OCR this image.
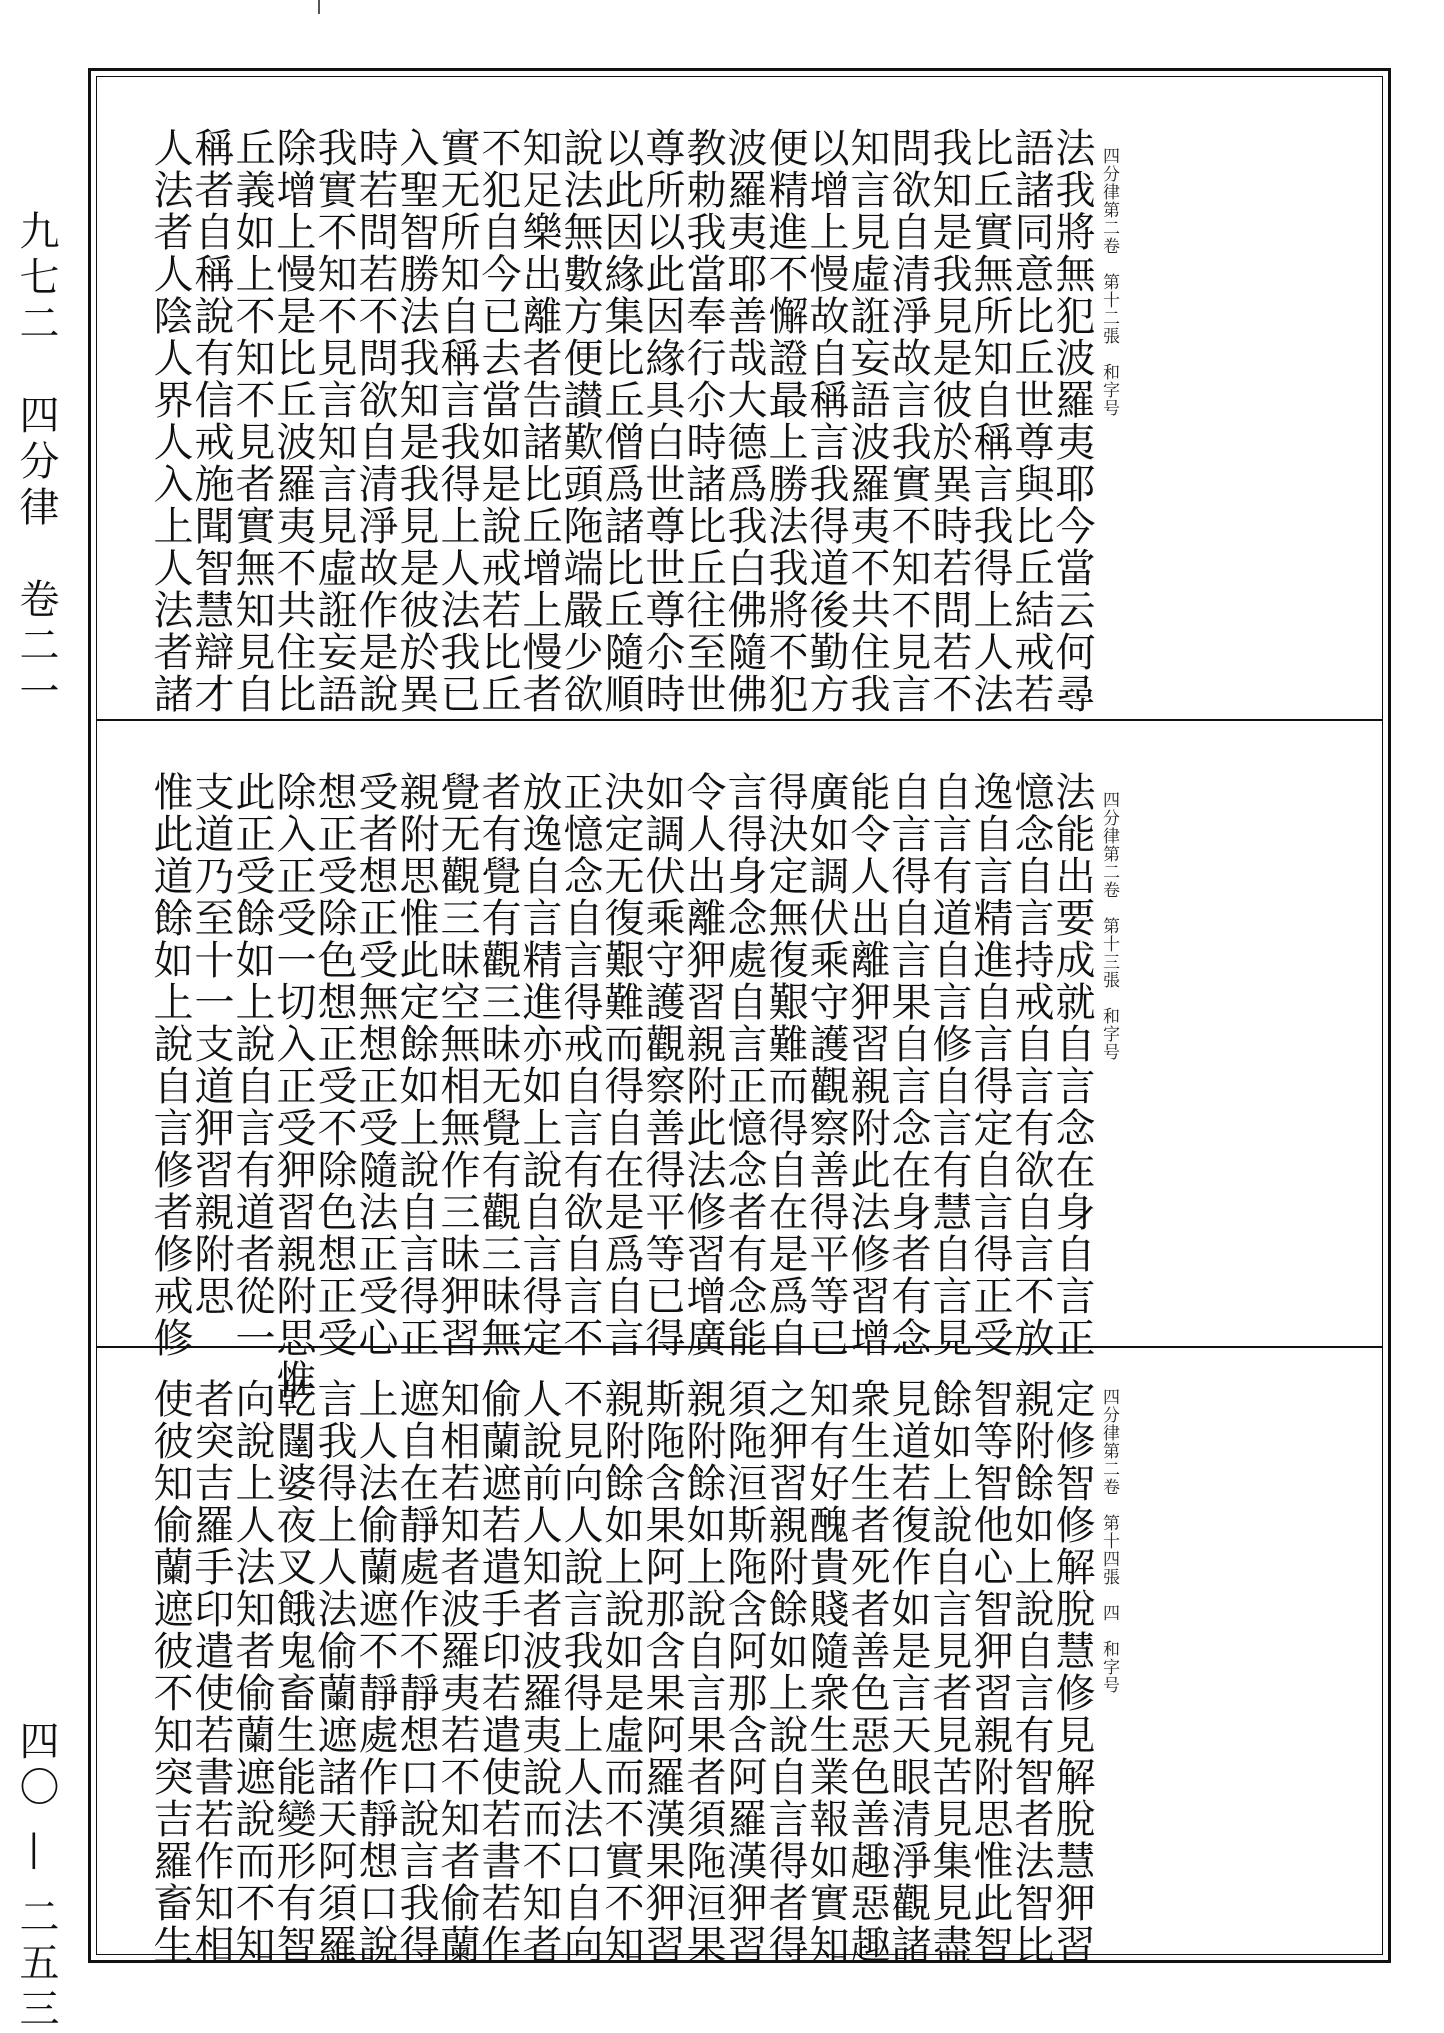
九七二　四分律　卷二一
四〇 — 二五三
四分律第二卷　第十二張　和字号
法我將無犯波羅夷耶今當云何尋
語諸同意比丘世尊與比丘結戒若
比丘實無所知自稱言我得上人法
我知是我見是彼於異時若問若不
問欲自清淨故言我實不知不見言
知言見虛誑妄語波羅夷不共住我
以增上慢故自稱言我得道後勤方
便精進不懈證最上勝法我將不犯
波羅夷耶善哉大德爲我白佛隨佛
教勅我當奉行尒時諸比丘往至世
尊所以此因緣具白世尊世尊尒時
以此因緣集比丘僧爲諸比丘隨順
說法無數方便讃歎頭陁端嚴少欲
知足樂出離者告諸比丘增上慢者
不犯自今已去當如是說戒若比丘
實无所知自稱言我得上人法我已
入聖智勝法我知是我見是彼於異
時若問若不問欲自清淨故作是說
我實不知不見言知言見虛誑妄語
除增上慢是比丘波羅夷不共住比
丘義如上不知不見者實無知見自
稱者自稱說有信戒施聞智慧辯才
人法者人陰人界人入上人法者諸
四分律第二卷　第十三張　和字号
法能出要成就自言念在身自言正
憶念自言持戒自言有欲自言不放
逸自言精進自言得定自言得正受
自言有道自言修自言有慧自言見
自言得自言果自言念在身者有念
能令人出離狎習親附此法修習增
廣如調伏乘守護觀察善得平等已
得決定無復艱難而得自在是爲自
言得身念處自言正憶念者有念能
令人出離狎習親附此法修習增廣
如調伏乘守護觀察善得平等已得
決定无復艱難而得自在是爲自言
正憶念自言得戒自言有欲自言不
放逸自言精進亦如上說自言得定
者有覺有觀三昧无覺有觀三昧無
覺无觀三昧空無相無作三昧狎習
親附思惟此定餘如上說自言得正
受者想正受無想正受隨法正受心
想正受除色想正受不除色想正受
除入正受一切入正受狎習親附思惟
此正受餘如上說自言有道者從一
支道乃至十一支道狎習親附思
惟此道餘如上說自言修者修戒修
四分律第二卷　第十四張　四　和字号
定修智修解脫慧修見解脫慧狎習
親附餘如上說自言有智者法智比
智等智他心智狎習親附思惟此智
餘如上說自言見者見苦見集見盡
見道若復作如是言天眼清淨觀諸
衆生生者死者善色惡色善趣惡趣
知有好醜貴賤隨衆生業報如實知
之狎習親附餘如上說自言得者得
須陁洹斯陁含阿那含阿羅漢狎習
親附餘如上說自言果者須陁洹果
斯陁含果阿那含果阿羅漢果狎習
親附餘如上說如是虛而不實不知
不見向人說言我得上人法口自向
人說前人知者波羅夷說而不知者
偷蘭遮若遣手印若遣使若書若作
知相若知者波羅夷若不知者偷蘭
遮自在靜處作不靜想口說言我得
上人法偷蘭遮不靜處作靜想口說
言我得上人法偷蘭遮諸天阿須羅
乾闥婆夜叉餓鬼畜生能變形有智
向說上人法知者偷蘭遮說而不知
者突吉羅手印遣使若書若作知相
使彼知偷蘭遮彼不知突吉羅畜生
